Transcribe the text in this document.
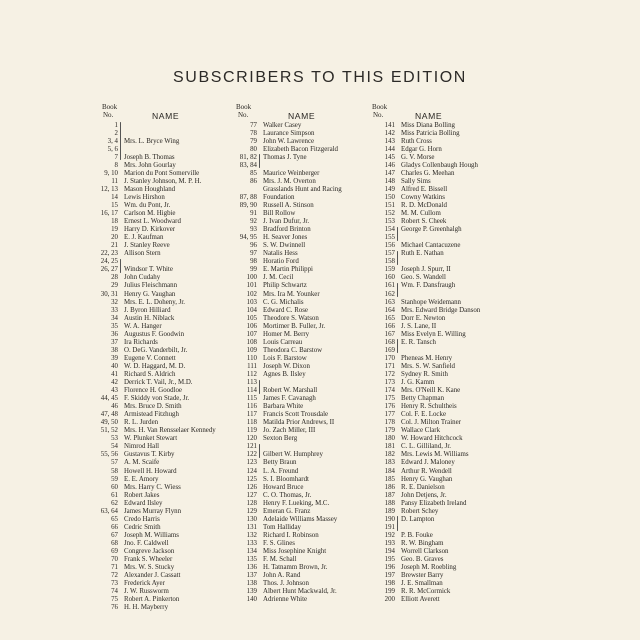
SUBSCRIBERS TO THIS EDITION
Book
No.	NAME
1
2
3, 4 Mrs. L. Bryce Wing
5, 6
7 Joseph B. Thomas
8 Mrs. John Gourlay
9, 10 Marion du Pont Somerville
11 J. Stanley Johnson, M. P. H.
12, 13 Mason Houghland
14 Lewis Hirshon
15 Wm. du Pont, Jr.
16, 17 Carlson M. Higbie
18 Ernest L. Woodward
19 Harry D. Kirkover
20 E. J. Kaufman
21 J. Stanley Reeve
22, 23 Allison Stern
24, 25
26, 27 Windsor T. White
28 John Cudahy
29 Julius Fleischmann
30, 31 Henry G. Vaughan
32 Mrs. E. L. Doheny, Jr.
33 J. Byron Hilliard
34 Austin H. Niblack
35 W. A. Hanger
36 Augustus F. Goodwin
37 Ira Richards
38 O. DeG. Vanderbilt, Jr.
39 Eugene V. Connett
40 W. D. Haggard, M. D.
41 Richard S. Aldrich
42 Derrick T. Vail, Jr., M.D.
43 Florence H. Goodloe
44, 45 F. Skiddy von Stade, Jr.
46 Mrs. Bruce D. Smith
47, 48 Armistead Fitzhugh
49, 50 R. L. Jurden
51, 52 Mrs. H. Van Rensselaer Kennedy
53 W. Plunket Stewart
54 Nimrod Hall
55, 56 Gustavus T. Kirby
57 A. M. Scaife
58 Howell H. Howard
59 E. E. Amory
60 Mrs. Harry C. Wiess
61 Robert Jakes
62 Edward Ilsley
63, 64 James Murray Flynn
65 Credo Harris
66 Cedric Smith
67 Joseph M. Williams
68 Jno. F. Caldwell
69 Congreve Jackson
70 Frank S. Wheeler
71 Mrs. W. S. Stucky
72 Alexander J. Cassatt
73 Frederick Ayer
74 J. W. Russworm
75 Robert A. Pinkerton
76 H. H. Mayberry
Book
No.	NAME
77 Walker Casey
78 Laurance Simpson
79 John W. Lawrence
80 Elizabeth Bacon Fitzgerald
81, 82 Thomas J. Tyne
83, 84
85 Maurice Weinberger
86 Mrs. J. M. Overton
Grasslands Hunt and Racing
87, 88 Foundation
89, 90 Russell A. Stinson
91 Bill Rollow
92 J. Ivan Dufur, Jr.
93 Bradford Brinton
94, 95 H. Seaver Jones
96 S. W. Dwinnell
97 Natalis Hess
98 Horatio Ford
99 E. Martin Philippi
100 J. M. Cecil
101 Philip Schwartz
102 Mrs. Ira M. Younker
103 C. G. Michalis
104 Edward C. Rose
105 Theodore S. Watson
106 Mortimer B. Fuller, Jr.
107 Homer M. Berry
108 Louis Carreau
109 Theodora C. Barstow
110 Lois F. Barstow
111 Joseph W. Dixon
112 Agnes B. Ilsley
113
114 Robert W. Marshall
115 James F. Cavanagh
116 Barbara White
117 Francis Scott Trousdale
118 Matilda Prior Andrews, II
119 Jo. Zach Miller, III
120 Sexton Berg
121
122 Gilbert W. Humphrey
123 Betty Braun
124 L. A. Freund
125 S. I. Bloomhardt
126 Howard Bruce
127 C. O. Thomas, Jr.
128 Henry F. Lueking, M.C.
129 Emeran G. Franz
130 Adelaide Williams Massey
131 Tom Halliday
132 Richard I. Robinson
133 F. S. Glines
134 Miss Josephine Knight
135 F. M. Schall
136 H. Tatnamm Brown, Jr.
137 John A. Rand
138 Thos. J. Johnson
139 Albert Hunt Mackwald, Jr.
140 Adrienne White
Book
No.	NAME
141 Miss Diana Bolling
142 Miss Patricia Bolling
143 Ruth Cross
144 Edgar G. Horn
145 G. V. Morse
146 Gladys Collenbaugh Hough
147 Charles G. Meehan
148 Sally Sims
149 Alfred E. Bissell
150 Cowny Watkins
151 R. D. McDonald
152 M. M. Cullom
153 Robert S. Cheek
154 George P. Greenhalgh
155
156 Michael Cantacuzene
157 Ruth E. Nathan
158
159 Joseph J. Spurr, II
160 Geo. S. Wandell
161 Wm. F. Dansfraugh
162
163 Stanhope Weidemann
164 Mrs. Edward Bridge Danson
165 Dorr E. Newton
166 J. S. Lane, II
167 Miss Evelyn E. Willing
168 E. R. Tansch
169
170 Pheneas M. Henry
171 Mrs. S. W. Sanfield
172 Sydney R. Smith
173 J. G. Kamm
174 Mrs. O'Neill K. Kane
175 Betty Chapman
176 Henry R. Schultheis
177 Col. F. E. Locke
178 Col. J. Milton Trainer
179 Wallace Clark
180 W. Howard Hitchcock
181 C. L. Gilliland, Jr.
182 Mrs. Lewis M. Williams
183 Edward J. Maloney
184 Arthur R. Wendell
185 Henry G. Vaughan
186 R. E. Danielson
187 John Detjens, Jr.
188 Pansy Elizabeth Ireland
189 Robert Schey
190 D. Lampton
191
192 P. B. Fouke
193 R. W. Bingham
194 Worrell Clarkson
195 Geo. B. Graves
196 Joseph M. Roebling
197 Brewster Barry
198 J. E. Smallman
199 R. R. McCormick
200 Elliott Averett
